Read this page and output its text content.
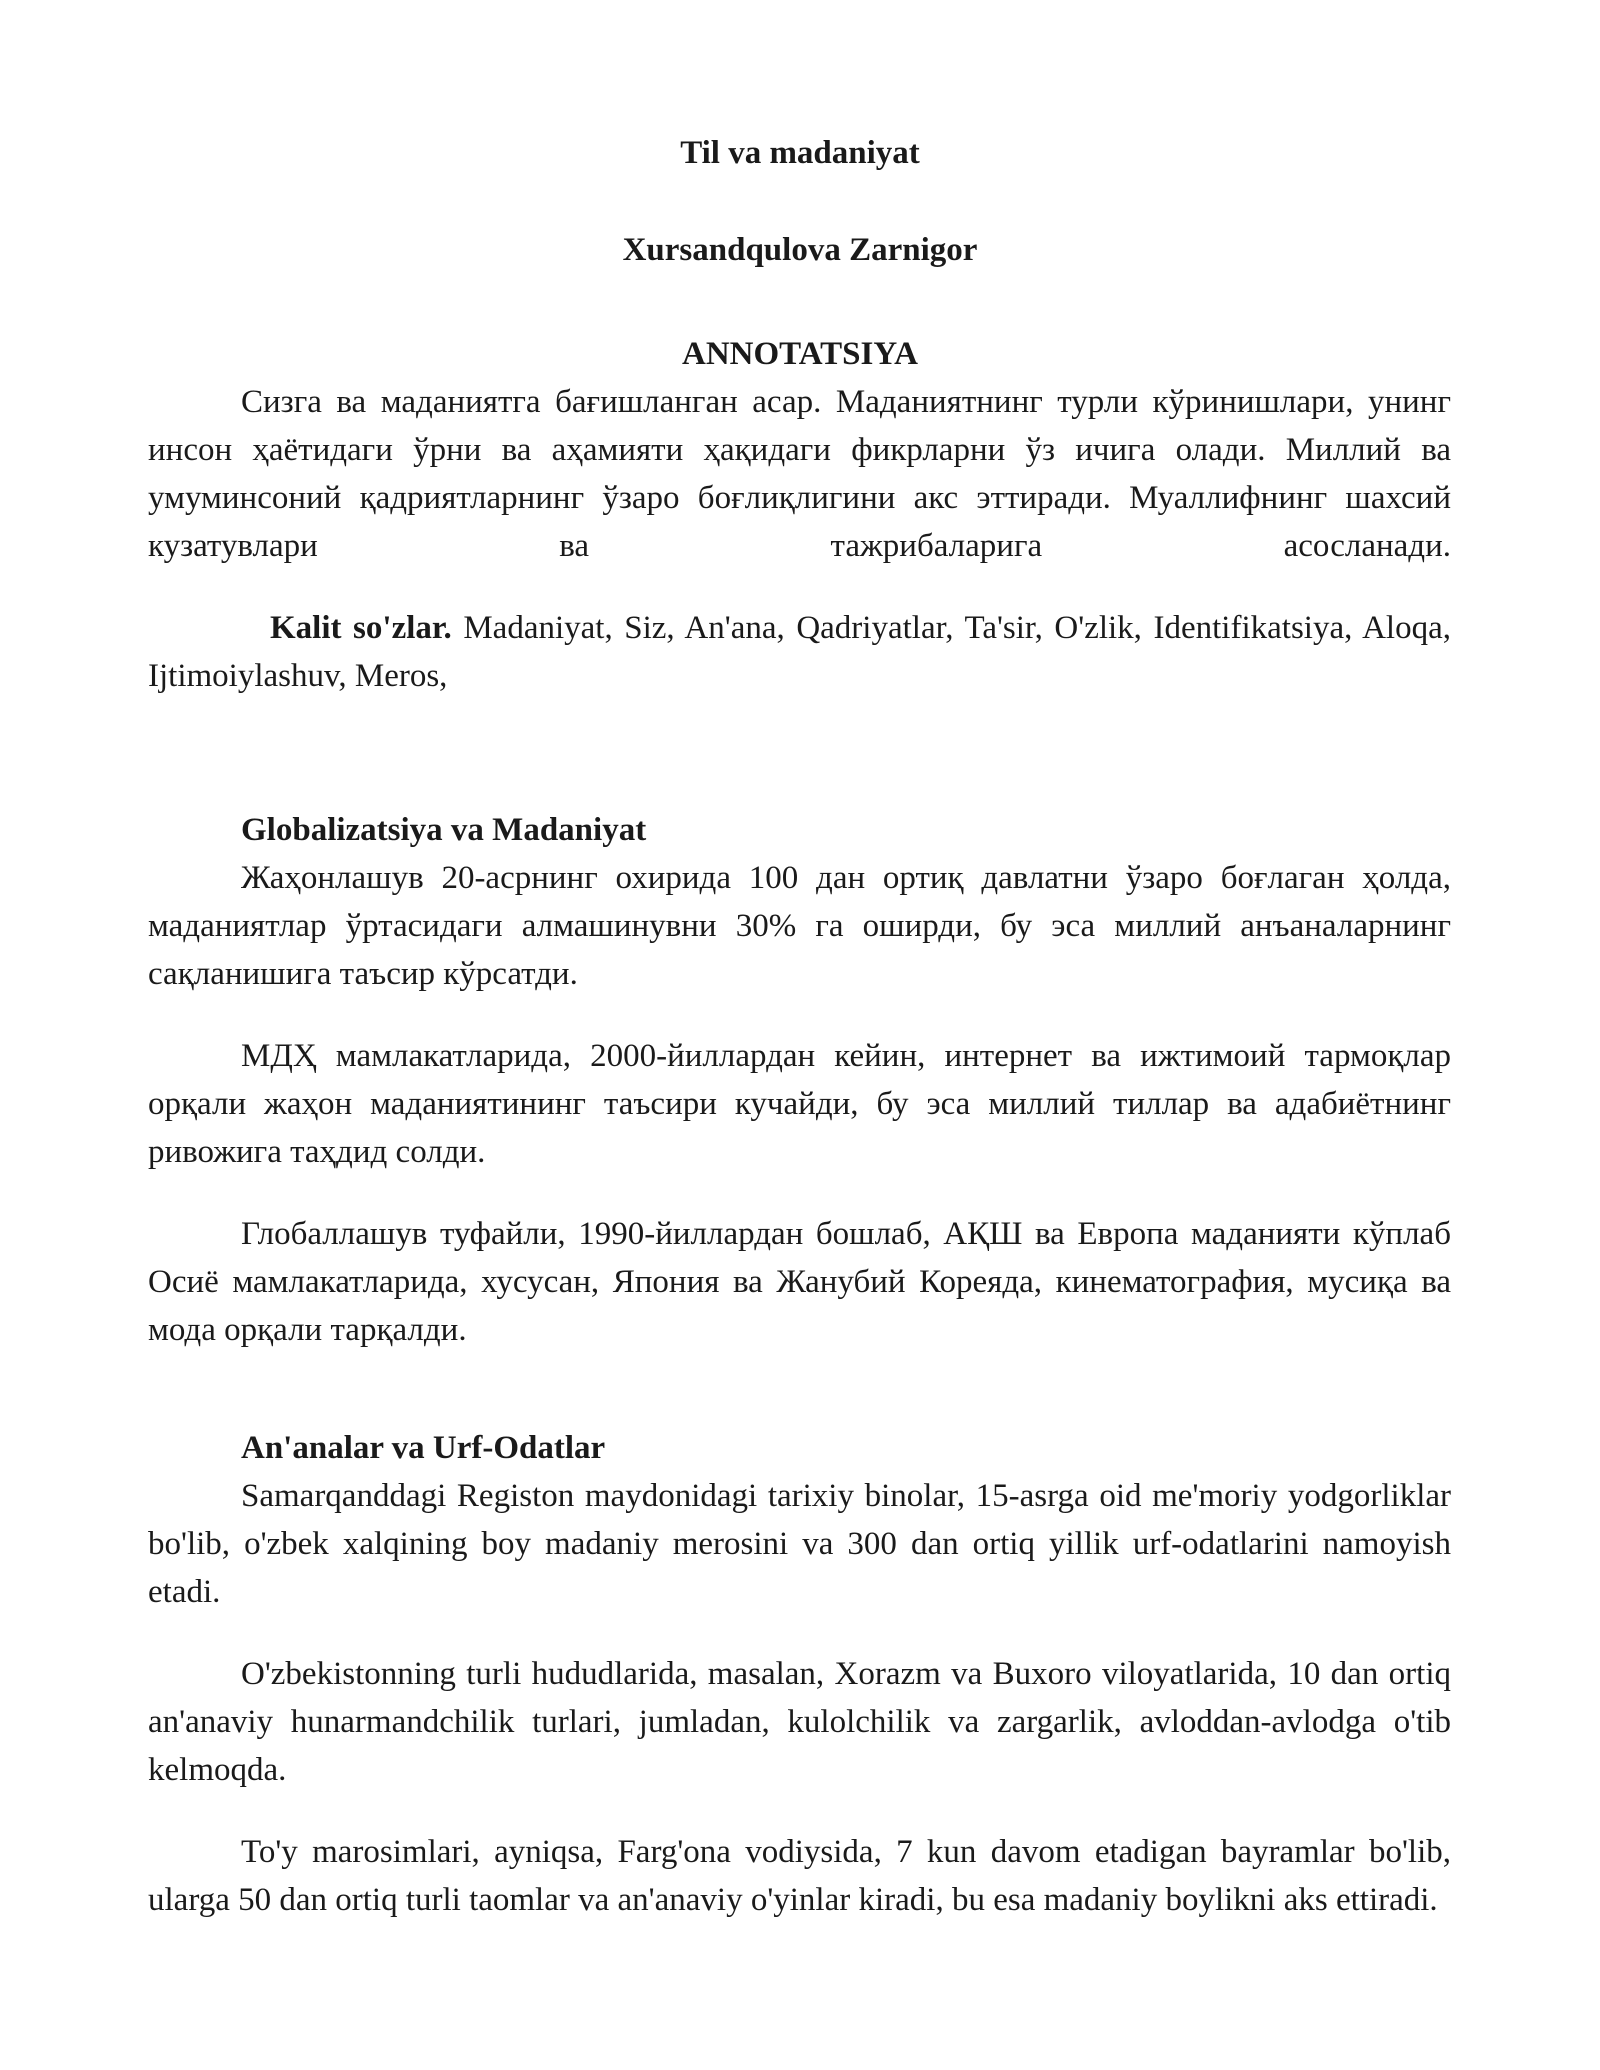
Til va madaniyat

Xursandqulova Zarnigor

ANNOTATSIYA

Сизга ва маданиятга бағишланган асар. Маданиятнинг турли кўринишлари, унинг инсон ҳаётидаги ўрни ва аҳамияти ҳақидаги фикрларни ўз ичига олади. Миллий ва умуминсоний қадриятларнинг ўзаро боғлиқлигини акс эттиради. Муаллифнинг шахсий кузатувлари ва тажрибаларига асосланади.

Kalit so'zlar. Madaniyat, Siz, An'ana, Qadriyatlar, Ta'sir, O'zlik, Identifikatsiya, Aloqa, Ijtimoiylashuv, Meros,

Globalizatsiya va Madaniyat

Жаҳонлашув 20-асрнинг охирида 100 дан ортиқ давлатни ўзаро боғлаган ҳолда, маданиятлар ўртасидаги алмашинувни 30% га оширди, бу эса миллий анъаналарнинг сақланишига таъсир кўрсатди.

МДҲ мамлакатларида, 2000-йиллардан кейин, интернет ва ижтимоий тармоқлар орқали жаҳон маданиятининг таъсири кучайди, бу эса миллий тиллар ва адабиётнинг ривожига таҳдид солди.

Глобаллашув туфайли, 1990-йиллардан бошлаб, АҚШ ва Европа маданияти кўплаб Осиё мамлакатларида, хусусан, Япония ва Жанубий Кореяда, кинематография, мусиқа ва мода орқали тарқалди.

An'analar va Urf-Odatlar

Samarqanddagi Registon maydonidagi tarixiy binolar, 15-asrga oid me'moriy yodgorliklar bo'lib, o'zbek xalqining boy madaniy merosini va 300 dan ortiq yillik urf-odatlarini namoyish etadi.

O'zbekistonning turli hududlarida, masalan, Xorazm va Buxoro viloyatlarida, 10 dan ortiq an'anaviy hunarmandchilik turlari, jumladan, kulolchilik va zargarlik, avloddan-avlodga o'tib kelmoqda.

To'y marosimlari, ayniqsa, Farg'ona vodiysida, 7 kun davom etadigan bayramlar bo'lib, ularga 50 dan ortiq turli taomlar va an'anaviy o'yinlar kiradi, bu esa madaniy boylikni aks ettiradi.
